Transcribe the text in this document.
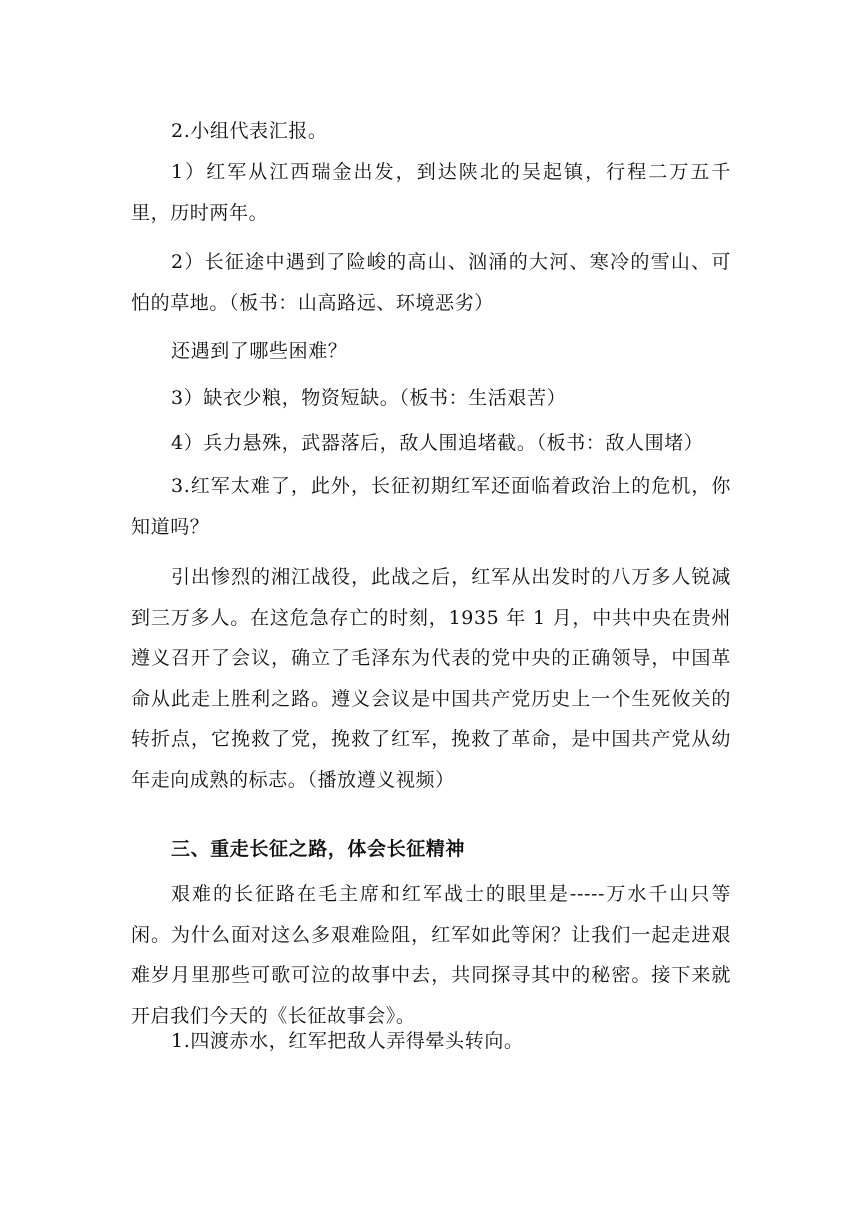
2.小组代表汇报。

1）红军从江西瑞金出发，到达陕北的吴起镇，行程二万五千里，历时两年。

2）长征途中遇到了险峻的高山、汹涌的大河、寒冷的雪山、可怕的草地。（板书：山高路远、环境恶劣）

还遇到了哪些困难？

3）缺衣少粮，物资短缺。（板书：生活艰苦）

4）兵力悬殊，武器落后，敌人围追堵截。（板书：敌人围堵）

3.红军太难了，此外，长征初期红军还面临着政治上的危机，你知道吗？

引出惨烈的湘江战役，此战之后，红军从出发时的八万多人锐减到三万多人。在这危急存亡的时刻，1935 年 1 月，中共中央在贵州遵义召开了会议，确立了毛泽东为代表的党中央的正确领导，中国革命从此走上胜利之路。遵义会议是中国共产党历史上一个生死攸关的转折点，它挽救了党，挽救了红军，挽救了革命，是中国共产党从幼年走向成熟的标志。（播放遵义视频）

三、重走长征之路，体会长征精神

艰难的长征路在毛主席和红军战士的眼里是-----万水千山只等闲。为什么面对这么多艰难险阻，红军如此等闲？让我们一起走进艰难岁月里那些可歌可泣的故事中去，共同探寻其中的秘密。接下来就开启我们今天的《长征故事会》。

1.四渡赤水，红军把敌人弄得晕头转向。
